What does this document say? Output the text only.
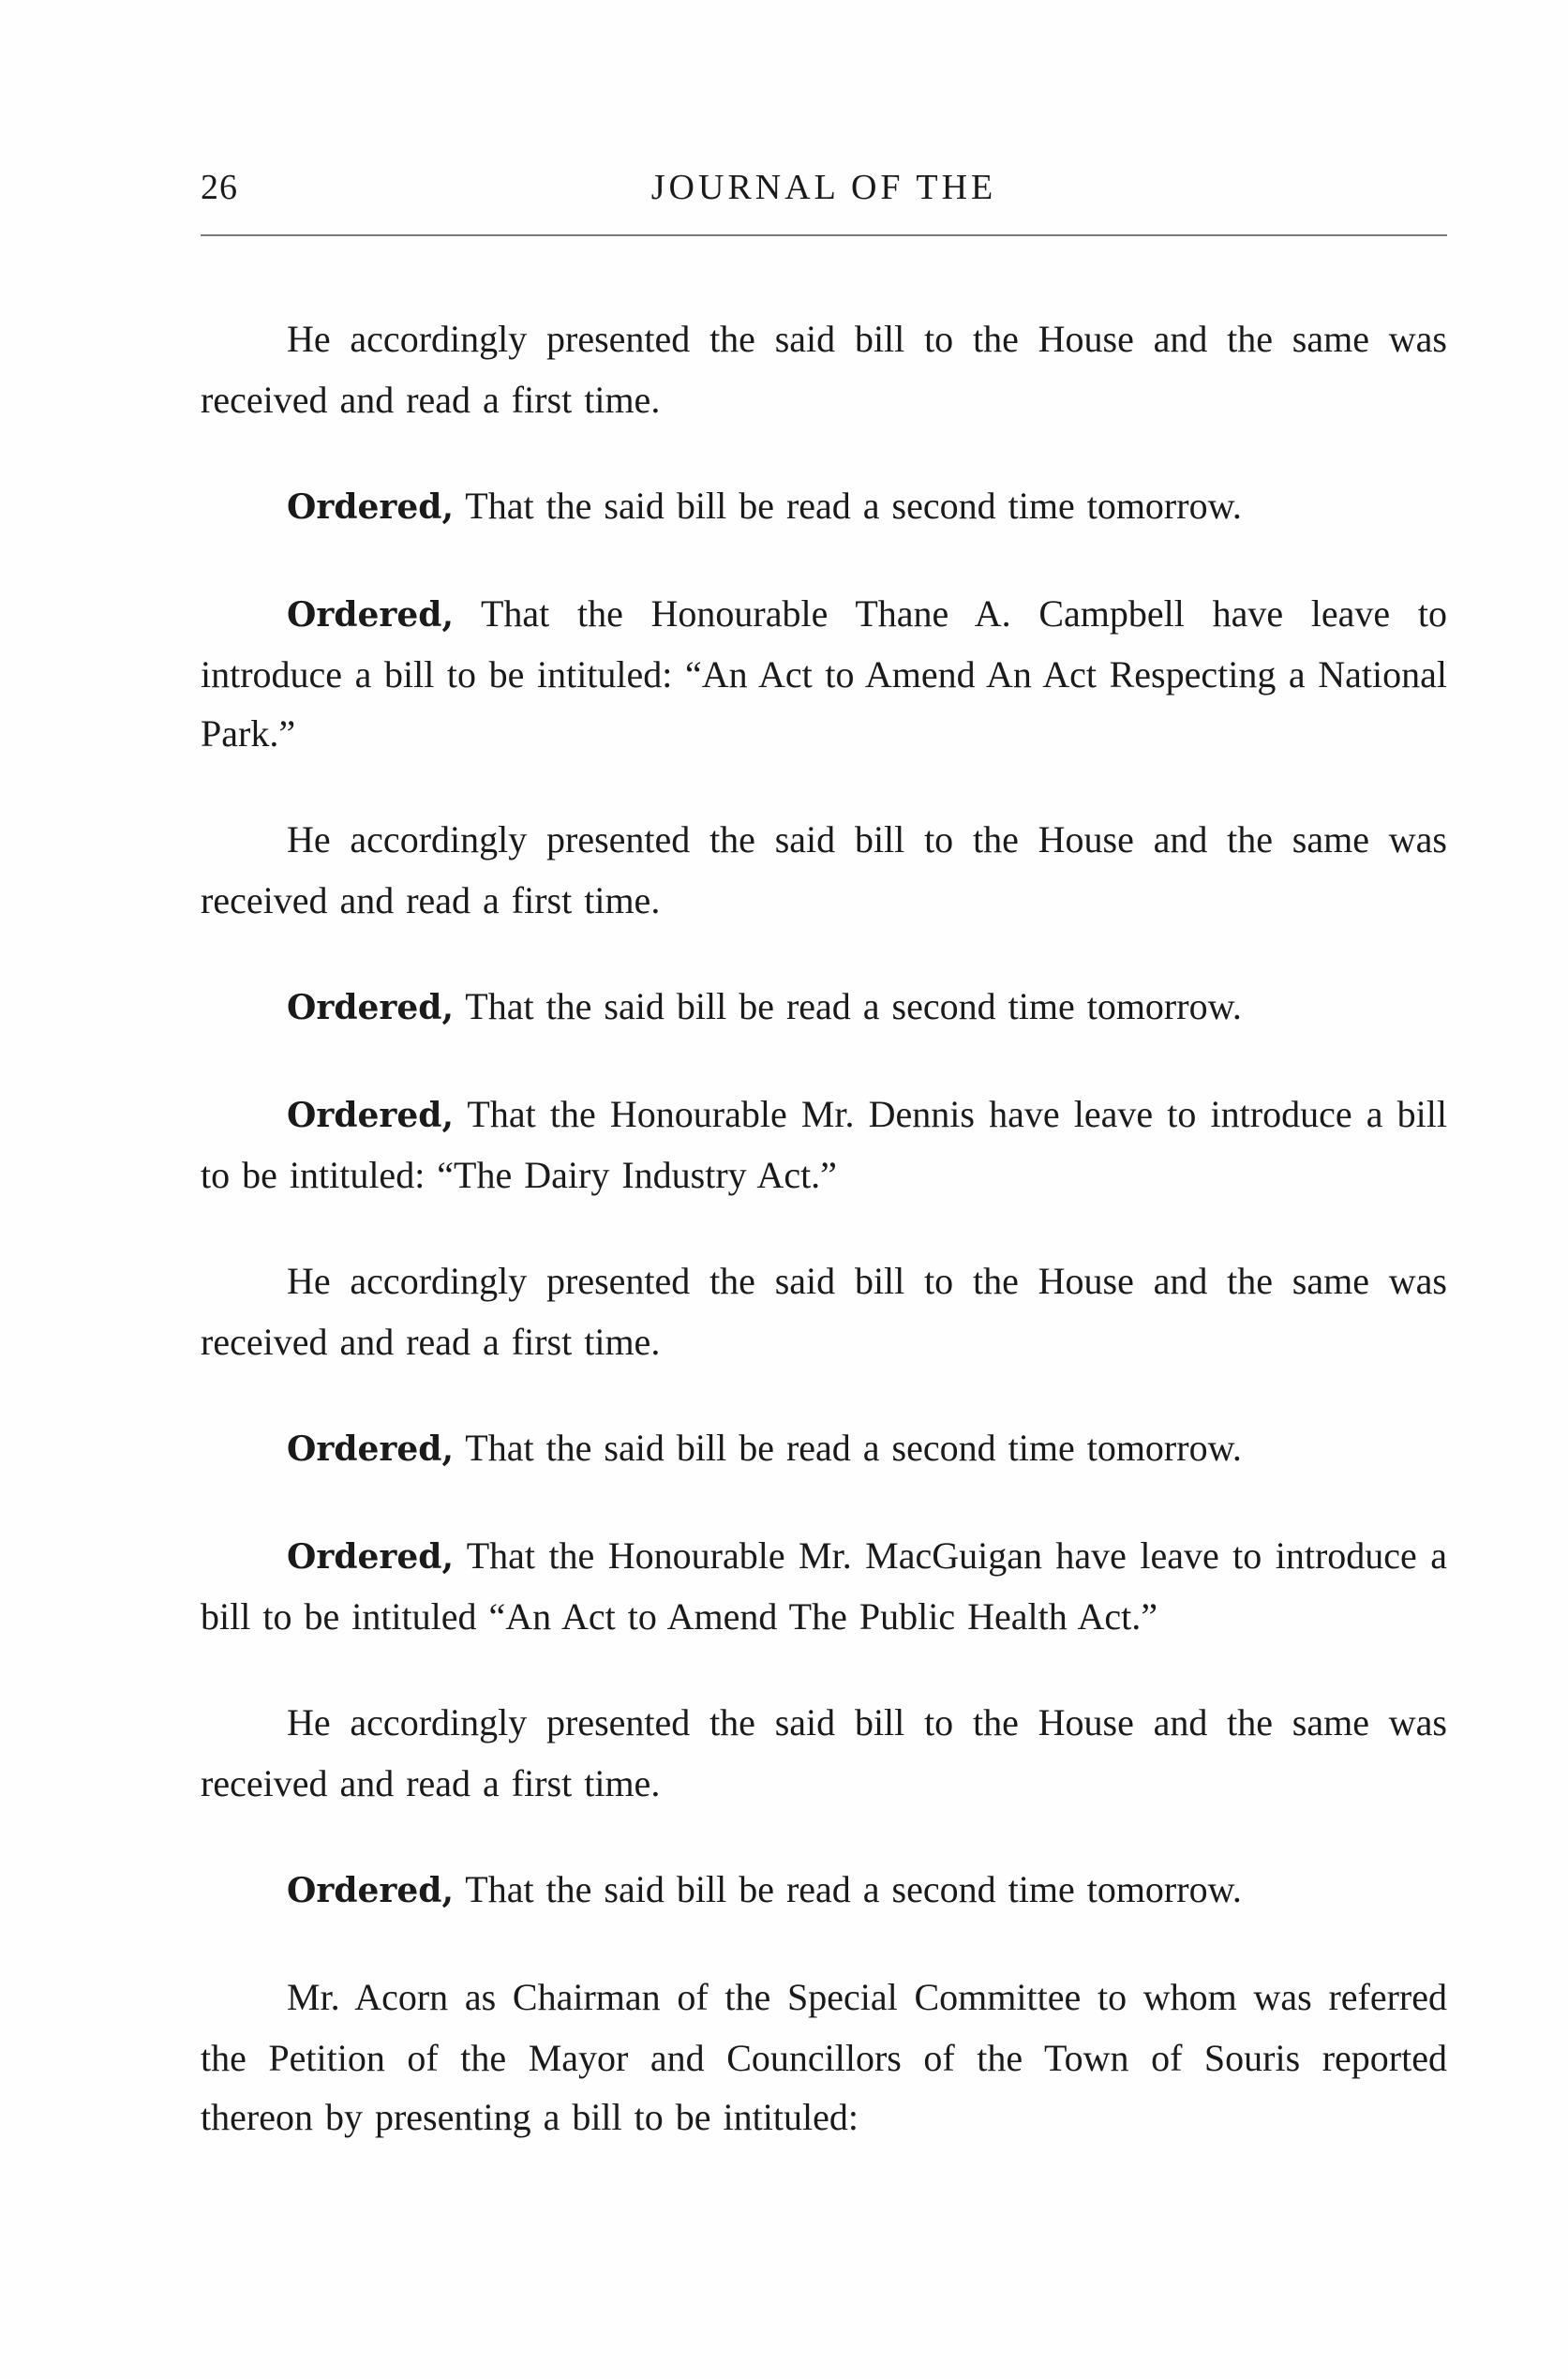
26	JOURNAL OF THE

He accordingly presented the said bill to the House and the same was received and read a first time.

Ordered, That the said bill be read a second time tomorrow.

Ordered, That the Honourable Thane A. Campbell have leave to introduce a bill to be intituled: “An Act to Amend An Act Respecting a National Park.”

He accordingly presented the said bill to the House and the same was received and read a first time.

Ordered, That the said bill be read a second time tomorrow.

Ordered, That the Honourable Mr. Dennis have leave to introduce a bill to be intituled: “The Dairy Industry Act.”

He accordingly presented the said bill to the House and the same was received and read a first time.

Ordered, That the said bill be read a second time tomorrow.

Ordered, That the Honourable Mr. MacGuigan have leave to introduce a bill to be intituled “An Act to Amend The Public Health Act.”

He accordingly presented the said bill to the House and the same was received and read a first time.

Ordered, That the said bill be read a second time tomorrow.

Mr. Acorn as Chairman of the Special Committee to whom was referred the Petition of the Mayor and Councillors of the Town of Souris reported thereon by presenting a bill to be intituled:
